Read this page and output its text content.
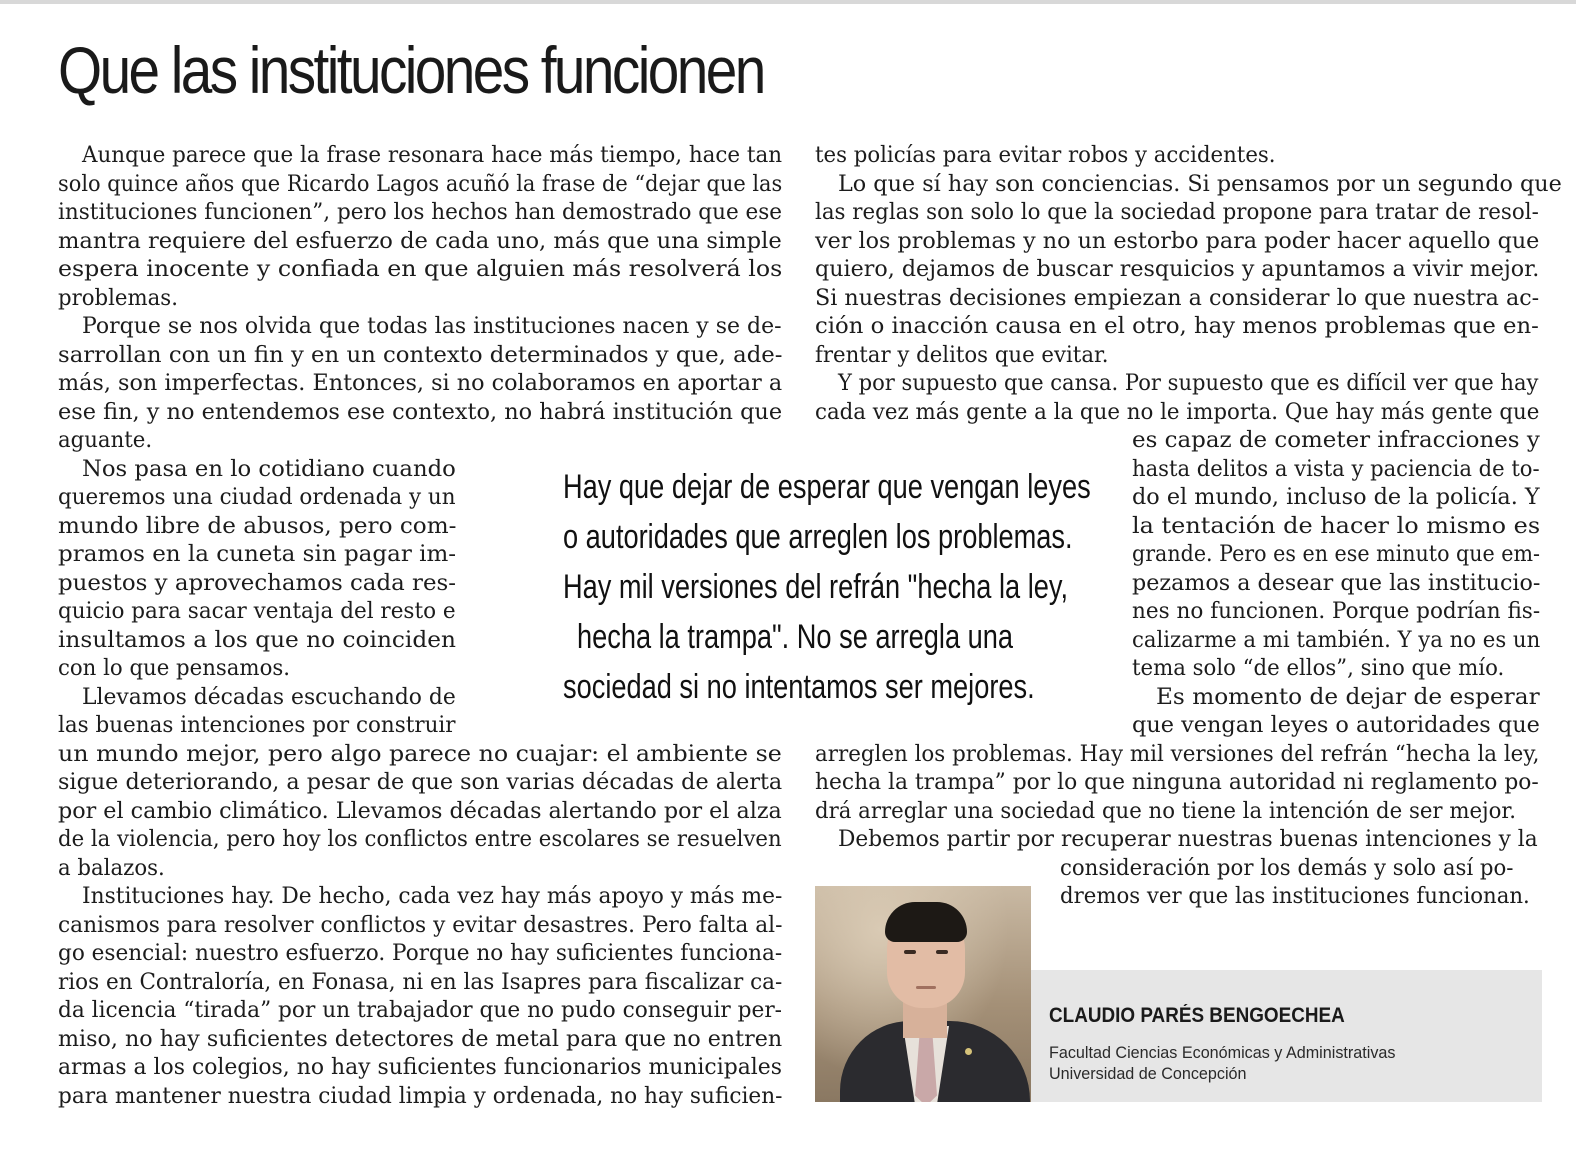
Que las instituciones funcionen
Aunque parece que la frase resonara hace más tiempo, hace tan
solo quince años que Ricardo Lagos acuñó la frase de “dejar que las
instituciones funcionen”, pero los hechos han demostrado que ese
mantra requiere del esfuerzo de cada uno, más que una simple
espera inocente y confiada en que alguien más resolverá los
problemas.
Porque se nos olvida que todas las instituciones nacen y se de-
sarrollan con un fin y en un contexto determinados y que, ade-
más, son imperfectas. Entonces, si no colaboramos en aportar a
ese fin, y no entendemos ese contexto, no habrá institución que
aguante.
Nos pasa en lo cotidiano cuando
queremos una ciudad ordenada y un
mundo libre de abusos, pero com-
pramos en la cuneta sin pagar im-
puestos y aprovechamos cada res-
quicio para sacar ventaja del resto e
insultamos a los que no coinciden
con lo que pensamos.
Llevamos décadas escuchando de
las buenas intenciones por construir
un mundo mejor, pero algo parece no cuajar: el ambiente se
sigue deteriorando, a pesar de que son varias décadas de alerta
por el cambio climático. Llevamos décadas alertando por el alza
de la violencia, pero hoy los conflictos entre escolares se resuelven
a balazos.
Instituciones hay. De hecho, cada vez hay más apoyo y más me-
canismos para resolver conflictos y evitar desastres. Pero falta al-
go esencial: nuestro esfuerzo. Porque no hay suficientes funciona-
rios en Contraloría, en Fonasa, ni en las Isapres para fiscalizar ca-
da licencia “tirada” por un trabajador que no pudo conseguir per-
miso, no hay suficientes detectores de metal para que no entren
armas a los colegios, no hay suficientes funcionarios municipales
para mantener nuestra ciudad limpia y ordenada, no hay suficien-
tes policías para evitar robos y accidentes.
Lo que sí hay son conciencias. Si pensamos por un segundo que
las reglas son solo lo que la sociedad propone para tratar de resol-
ver los problemas y no un estorbo para poder hacer aquello que
quiero, dejamos de buscar resquicios y apuntamos a vivir mejor.
Si nuestras decisiones empiezan a considerar lo que nuestra ac-
ción o inacción causa en el otro, hay menos problemas que en-
frentar y delitos que evitar.
Y por supuesto que cansa. Por supuesto que es difícil ver que hay
cada vez más gente a la que no le importa. Que hay más gente que
es capaz de cometer infracciones y
hasta delitos a vista y paciencia de to-
do el mundo, incluso de la policía. Y
la tentación de hacer lo mismo es
grande. Pero es en ese minuto que em-
pezamos a desear que las institucio-
nes no funcionen. Porque podrían fis-
calizarme a mi también. Y ya no es un
tema solo “de ellos”, sino que mío.
Es momento de dejar de esperar
que vengan leyes o autoridades que
arreglen los problemas. Hay mil versiones del refrán “hecha la ley,
hecha la trampa” por lo que ninguna autoridad ni reglamento po-
drá arreglar una sociedad que no tiene la intención de ser mejor.
Debemos partir por recuperar nuestras buenas intenciones y la
consideración por los demás y solo así po-
dremos ver que las instituciones funcionan.
Hay que dejar de esperar que vengan leyes
o autoridades que arreglen los problemas.
Hay mil versiones del refrán "hecha la ley,
hecha la trampa". No se arregla una
sociedad si no intentamos ser mejores.
CLAUDIO PARÉS BENGOECHEA
Facultad Ciencias Económicas y Administrativas
Universidad de Concepción
